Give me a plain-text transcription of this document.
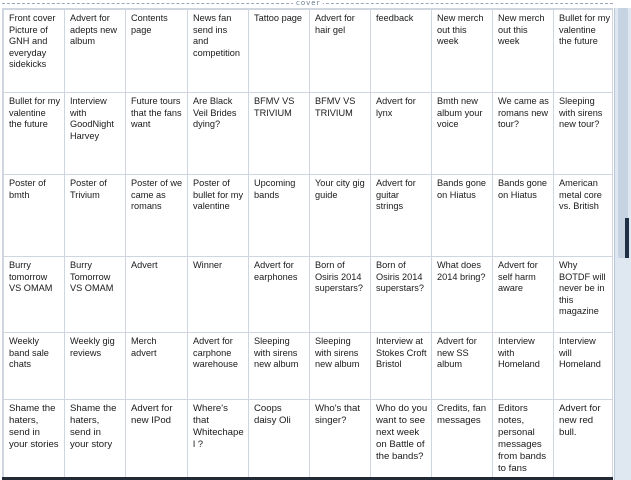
cover
Front cover Picture of GNH and everyday sidekicks	Advert for adepts new album	Contents page	News fan send ins and competition	Tattoo page	Advert for hair gel	feedback	New merch out this week	New merch out this week	Bullet for my valentine the future
Bullet for my valentine the future	Interview with GoodNight Harvey	Future tours that the fans want	Are Black Veil Brides dying?	BFMV VS TRIVIUM	BFMV VS TRIVIUM	Advert for lynx	Bmth new album your voice	We came as romans new tour?	Sleeping with sirens new tour?
Poster of bmth	Poster of Trivium	Poster of we came as romans	Poster of bullet for my valentine	Upcoming bands	Your city gig guide	Advert for guitar strings	Bands gone on Hiatus	Bands gone on Hiatus	American metal core vs. British
Burry tomorrow VS OMAM	Burry Tomorrow VS OMAM	Advert	Winner	Advert for earphones	Born of Osiris 2014 superstars?	Born of Osiris 2014 superstars?	What does 2014 bring?	Advert for self harm aware	Why BOTDF will never be in this magazine
Weekly band sale chats	Weekly gig reviews	Merch advert	Advert for carphone warehouse	Sleeping with sirens new album	Sleeping with sirens new album	Interview at Stokes Croft Bristol	Advert for new SS album	Interview with Homeland	Interview will Homeland
Shame the haters, send in your stories	Shame the haters, send in your story	Advert for new IPod	Where's that Whitechapel ?	Coops daisy Oli	Who's that singer?	Who do you want to see next week on Battle of the bands?	Credits, fan messages	Editors notes, personal messages from bands to fans	Advert for new red bull.
